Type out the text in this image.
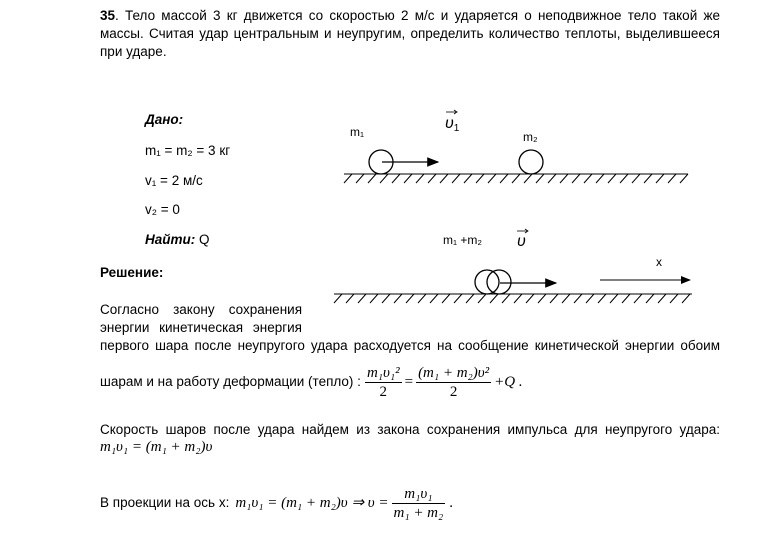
35. Тело массой 3 кг движется со скоростью 2 м/с и ударяется о неподвижное тело такой же
массы. Считая удар центральным и неупругим, определить количество теплоты, выделившееся
при ударе.
Дано:
m₁ = m₂ = 3 кг
v₁ = 2 м/с
v₂ = 0
Найти: Q
m₁	υ1
m₂
m₁ +m₂ υ
x
Решение:
Согласно закону сохранения
энергии кинетическая энергия
первого шара после неупругого удара расходуется на сообщение кинетической энергии обоим
шарам и на работу деформации (тепло) : $\frac{\text{m₁υ₁²}}{2} = \frac{\text{(m₁ + m₂)υ²}}{2} +Q$ .
Скорость шаров после удара найдем из закона сохранения импульса для неупругого удара:
m₁υ₁ = (m₁ + m₂)υ
В проекции на ось x: m₁υ₁ = (m₁ + m₂)υ ⇒ $\upsilon = \frac{\text{m₁υ₁}}{\text{m₁ + m₂}}$ .
